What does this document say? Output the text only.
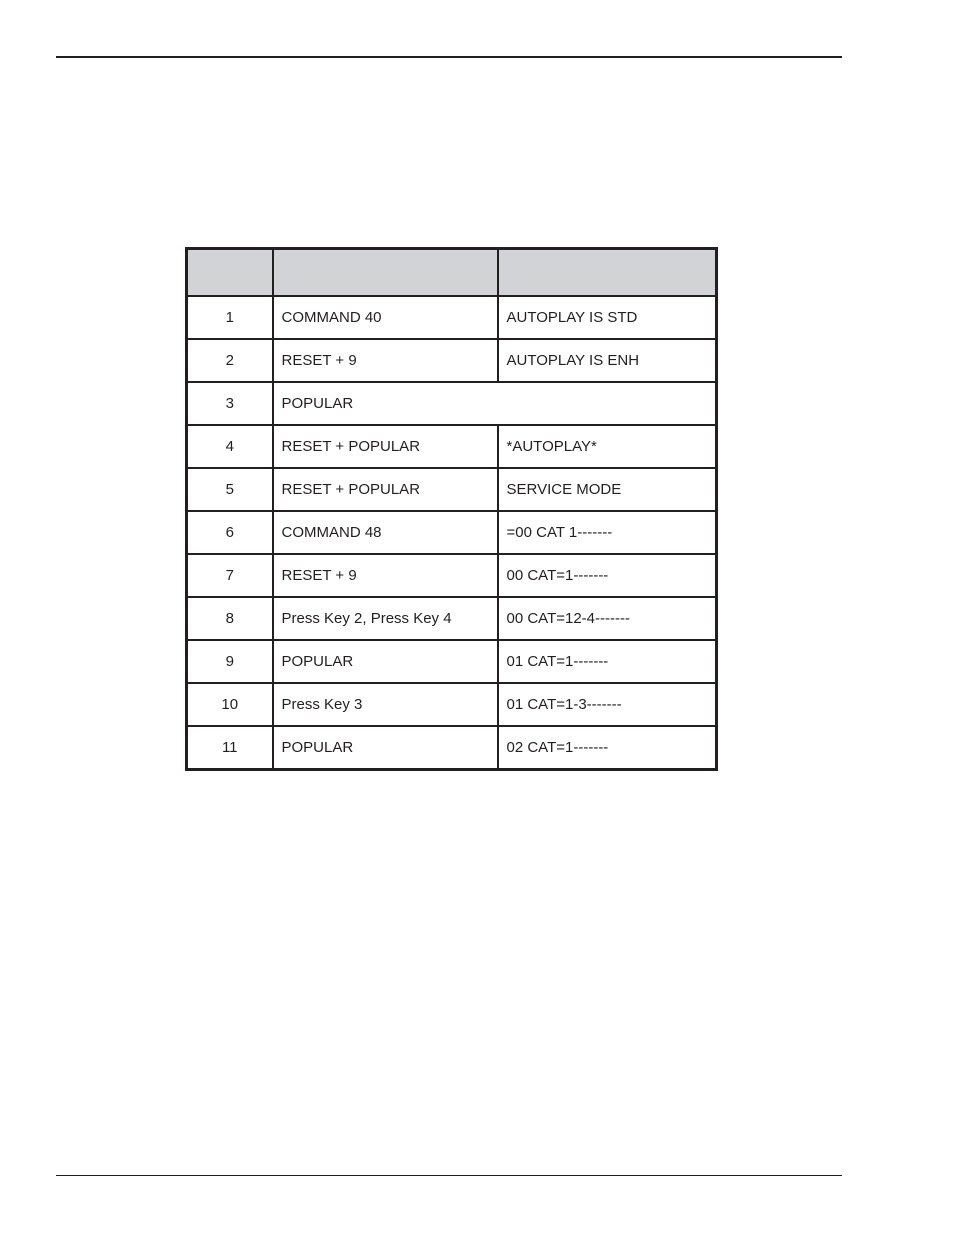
1	COMMAND 40	AUTOPLAY IS STD
2	RESET + 9	AUTOPLAY IS ENH
3	POPULAR	
4	RESET + POPULAR	*AUTOPLAY*
5	RESET + POPULAR	SERVICE MODE
6	COMMAND 48	=00 CAT 1-------
7	RESET + 9	00 CAT=1-------
8	Press Key 2, Press Key 4	00 CAT=12-4-------
9	POPULAR	01 CAT=1-------
10	Press Key 3	01 CAT=1-3-------
11	POPULAR	02 CAT=1-------
